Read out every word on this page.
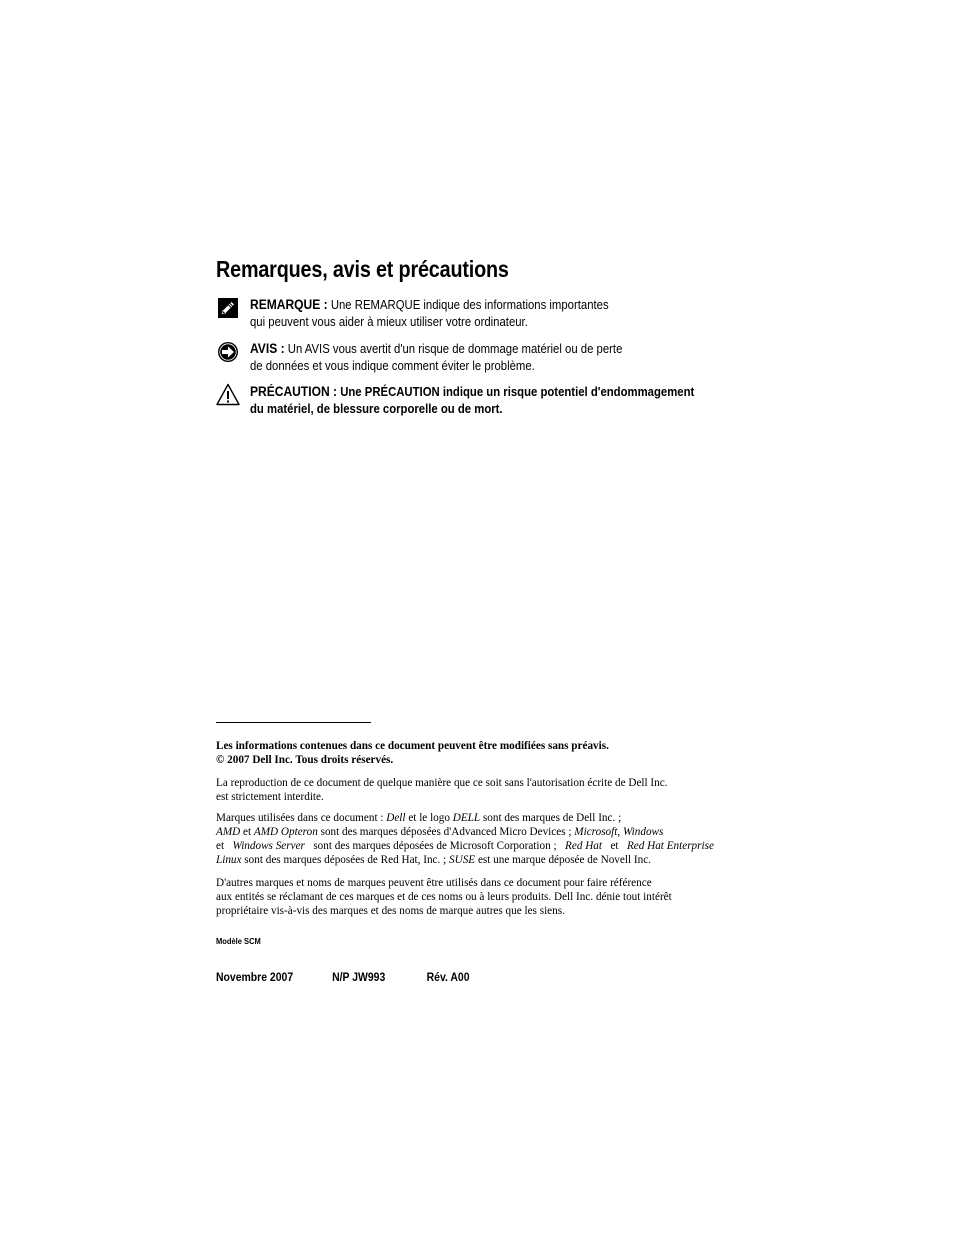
Remarques, avis et précautions
REMARQUE : Une REMARQUE indique des informations importantes
qui peuvent vous aider à mieux utiliser votre ordinateur.
AVIS : Un AVIS vous avertit d'un risque de dommage matériel ou de perte
de données et vous indique comment éviter le problème.
PRÉCAUTION : Une PRÉCAUTION indique un risque potentiel d'endommagement
du matériel, de blessure corporelle ou de mort.
Les informations contenues dans ce document peuvent être modifiées sans préavis.
© 2007 Dell Inc. Tous droits réservés.
La reproduction de ce document de quelque manière que ce soit sans l'autorisation écrite de Dell Inc.
est strictement interdite.
Marques utilisées dans ce document : Dell et le logo DELL sont des marques de Dell Inc. ;
AMD et AMD Opteron sont des marques déposées d'Advanced Micro Devices ; Microsoft, Windows
et Windows Server sont des marques déposées de Microsoft Corporation ; Red Hat et Red Hat Enterprise
Linux sont des marques déposées de Red Hat, Inc. ; SUSE est une marque déposée de Novell Inc.
D'autres marques et noms de marques peuvent être utilisés dans ce document pour faire référence
aux entités se réclamant de ces marques et de ces noms ou à leurs produits. Dell Inc. dénie tout intérêt
propriétaire vis-à-vis des marques et des noms de marque autres que les siens.
Modèle SCM
Novembre 2007	N/P JW993	Rév. A00
